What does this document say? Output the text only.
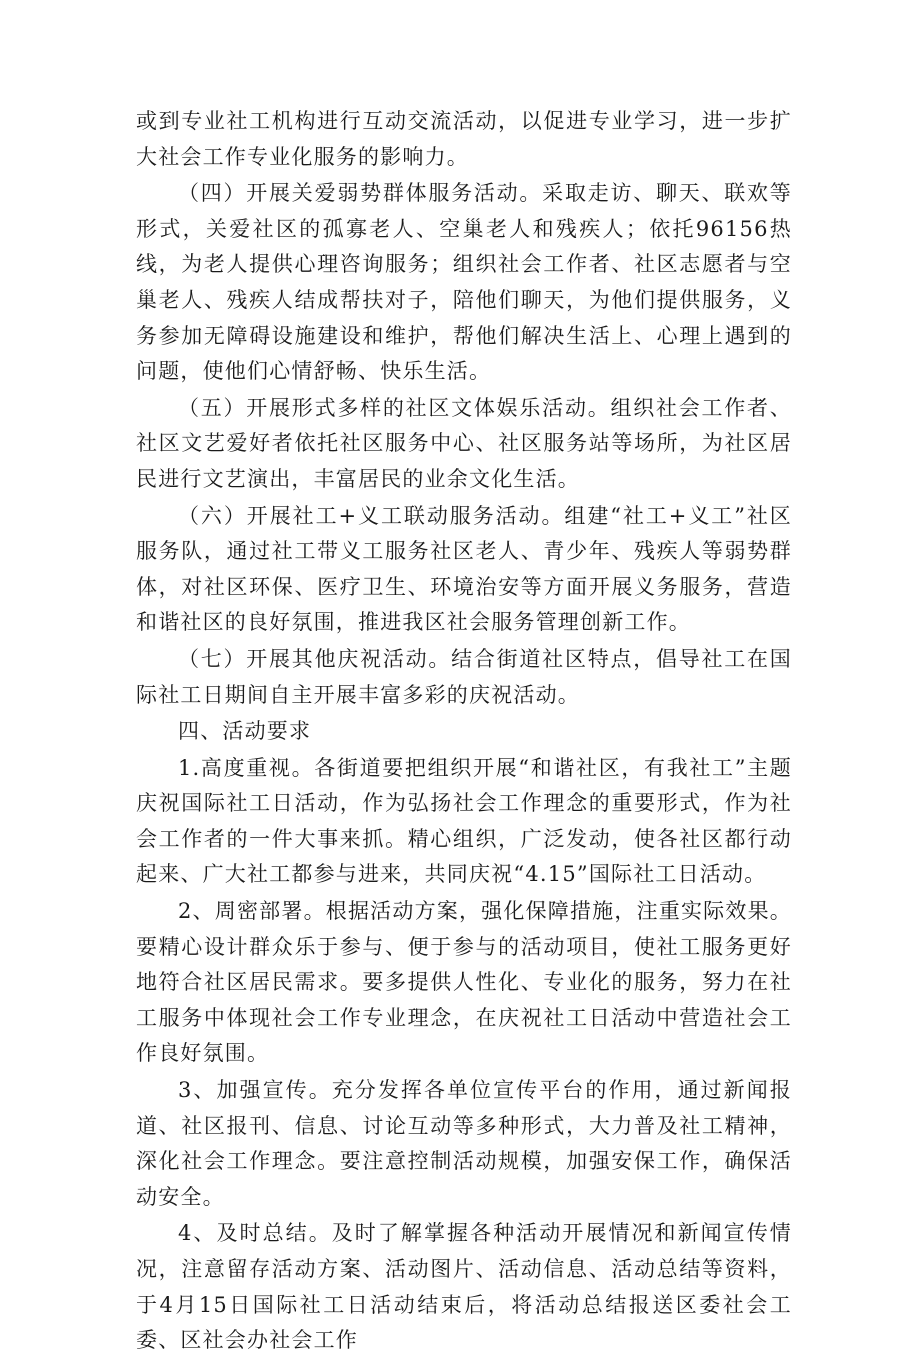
或到专业社工机构进行互动交流活动，以促进专业学习，进一步扩大社会工作专业化服务的影响力。

（四）开展关爱弱势群体服务活动。采取走访、聊天、联欢等形式，关爱社区的孤寡老人、空巢老人和残疾人；依托96156热线，为老人提供心理咨询服务；组织社会工作者、社区志愿者与空巢老人、残疾人结成帮扶对子，陪他们聊天，为他们提供服务，义务参加无障碍设施建设和维护，帮他们解决生活上、心理上遇到的问题，使他们心情舒畅、快乐生活。

（五）开展形式多样的社区文体娱乐活动。组织社会工作者、社区文艺爱好者依托社区服务中心、社区服务站等场所，为社区居民进行文艺演出，丰富居民的业余文化生活。

（六）开展社工+义工联动服务活动。组建“社工+义工”社区服务队，通过社工带义工服务社区老人、青少年、残疾人等弱势群体，对社区环保、医疗卫生、环境治安等方面开展义务服务，营造和谐社区的良好氛围，推进我区社会服务管理创新工作。

（七）开展其他庆祝活动。结合街道社区特点，倡导社工在国际社工日期间自主开展丰富多彩的庆祝活动。

四、活动要求

1.高度重视。各街道要把组织开展“和谐社区，有我社工”主题庆祝国际社工日活动，作为弘扬社会工作理念的重要形式，作为社会工作者的一件大事来抓。精心组织，广泛发动，使各社区都行动起来、广大社工都参与进来，共同庆祝“4.15”国际社工日活动。

2、周密部署。根据活动方案，强化保障措施，注重实际效果。要精心设计群众乐于参与、便于参与的活动项目，使社工服务更好地符合社区居民需求。要多提供人性化、专业化的服务，努力在社工服务中体现社会工作专业理念，在庆祝社工日活动中营造社会工作良好氛围。

3、加强宣传。充分发挥各单位宣传平台的作用，通过新闻报道、社区报刊、信息、讨论互动等多种形式，大力普及社工精神，深化社会工作理念。要注意控制活动规模，加强安保工作，确保活动安全。

4、及时总结。及时了解掌握各种活动开展情况和新闻宣传情况，注意留存活动方案、活动图片、活动信息、活动总结等资料，于4月15日国际社工日活动结束后，将活动总结报送区委社会工委、区社会办社会工作
